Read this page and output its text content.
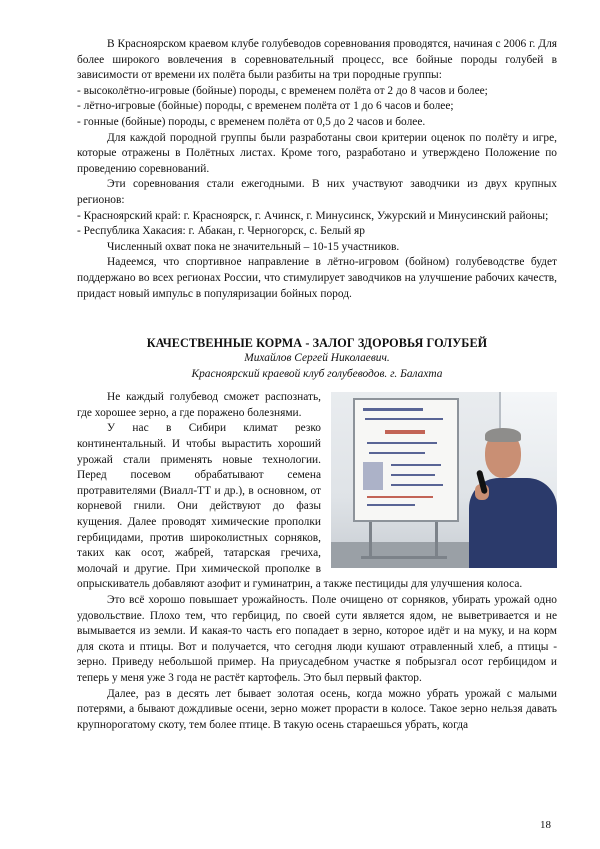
В Красноярском краевом клубе голубеводов соревнования проводятся, начиная с 2006 г. Для более широкого вовлечения в соревновательный процесс, все бойные породы голубей в зависимости от времени их полёта были разбиты на три породные группы:

- высоколётно-игровые (бойные) породы, с временем полёта от 2 до 8 часов и более;

- лётно-игровые (бойные) породы, с временем полёта от 1 до 6 часов и более;

- гонные (бойные) породы, с временем полёта от 0,5 до 2 часов и более.

Для каждой породной группы были разработаны свои критерии оценок по полёту и игре, которые отражены в Полётных листах. Кроме того, разработано и утверждено Положение по проведению соревнований.

Эти соревнования стали ежегодными. В них участвуют заводчики из двух крупных регионов:

- Красноярский край: г. Красноярск, г. Ачинск, г. Минусинск, Ужурский и Минусинский районы;

- Республика Хакасия: г. Абакан, г. Черногорск, с. Белый яр

Численный охват пока не значительный – 10-15 участников.

Надеемся, что спортивное направление в лётно-игровом (бойном) голубеводстве будет поддержано во всех регионах России, что стимулирует заводчиков на улучшение рабочих качеств, придаст новый импульс в популяризации бойных пород.

КАЧЕСТВЕННЫЕ КОРМА - ЗАЛОГ ЗДОРОВЬЯ ГОЛУБЕЙ

Михайлов Сергей Николаевич.

Красноярский краевой клуб голубеводов. г. Балахта

Не каждый голубевод сможет распознать, где хорошее зерно, а где поражено болезнями.

У нас в Сибири климат резко континентальный. И чтобы вырастить хороший урожай стали применять новые технологии. Перед посевом обрабатывают семена протравителями (Виалл-ТТ и др.), в основном, от корневой гнили. Они действуют до фазы кущения. Далее проводят химические прополки гербицидами, против широколистных сорняков, таких как осот, жабрей, татарская гречиха, молочай и другие. При химической прополке в опрыскиватель добавляют азофит и гуминатрин, а также пестициды для улучшения колоса.

Это всё хорошо повышает урожайность. Поле очищено от сорняков, убирать урожай одно удовольствие. Плохо тем, что гербицид, по своей сути является ядом, не выветривается и не вымывается из земли. И какая-то часть его попадает в зерно, которое идёт и на муку, и на корм для скота и птицы. Вот и получается, что сегодня люди кушают отравленный хлеб, а птицы - зерно. Приведу небольшой пример. На приусадебном участке я побрызгал осот гербицидом и теперь у меня уже 3 года не растёт картофель. Это был первый фактор.

Далее, раз в десять лет бывает золотая осень, когда можно убрать урожай с малыми потерями, а бывают дождливые осени, зерно может прорасти в колосе. Такое зерно нельзя давать крупнорогатому скоту, тем более птице. В такую осень стараешься убрать, когда

18
